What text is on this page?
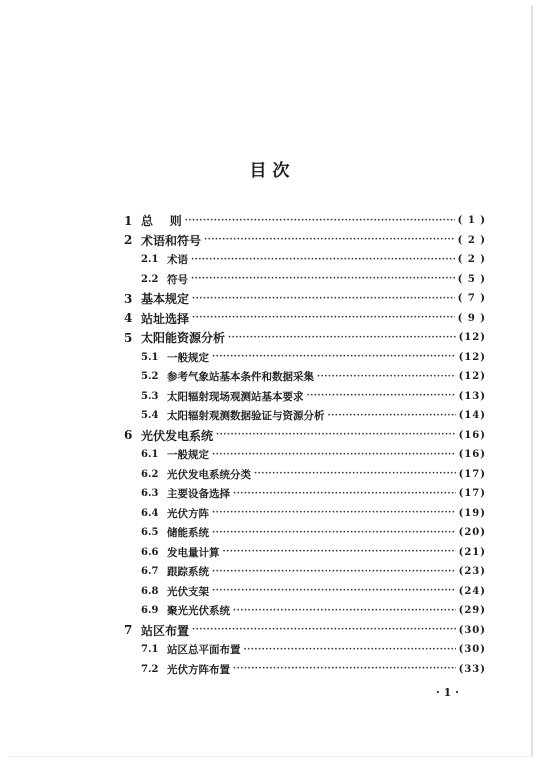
目 次
1 总    则 ·····	( 1 )
2 术语和符号 ·····	( 2 )
2.1 术语 ·····	( 2 )
2.2 符号 ·····	( 5 )
3 基本规定 ·····	( 7 )
4 站址选择 ·····	( 9 )
5 太阳能资源分析 ·····	(12)
5.1 一般规定 ·····	(12)
5.2 参考气象站基本条件和数据采集 ·····	(12)
5.3 太阳辐射现场观测站基本要求 ·····	(13)
5.4 太阳辐射观测数据验证与资源分析 ·····	(14)
6 光伏发电系统 ·····	(16)
6.1 一般规定 ·····	(16)
6.2 光伏发电系统分类 ·····	(17)
6.3 主要设备选择 ·····	(17)
6.4 光伏方阵 ·····	(19)
6.5 储能系统 ·····	(20)
6.6 发电量计算 ·····	(21)
6.7 跟踪系统 ·····	(23)
6.8 光伏支架 ·····	(24)
6.9 聚光光伏系统 ·····	(29)
7 站区布置 ·····	(30)
7.1 站区总平面布置 ·····	(30)
7.2 光伏方阵布置 ·····	(33)
· 1 ·
